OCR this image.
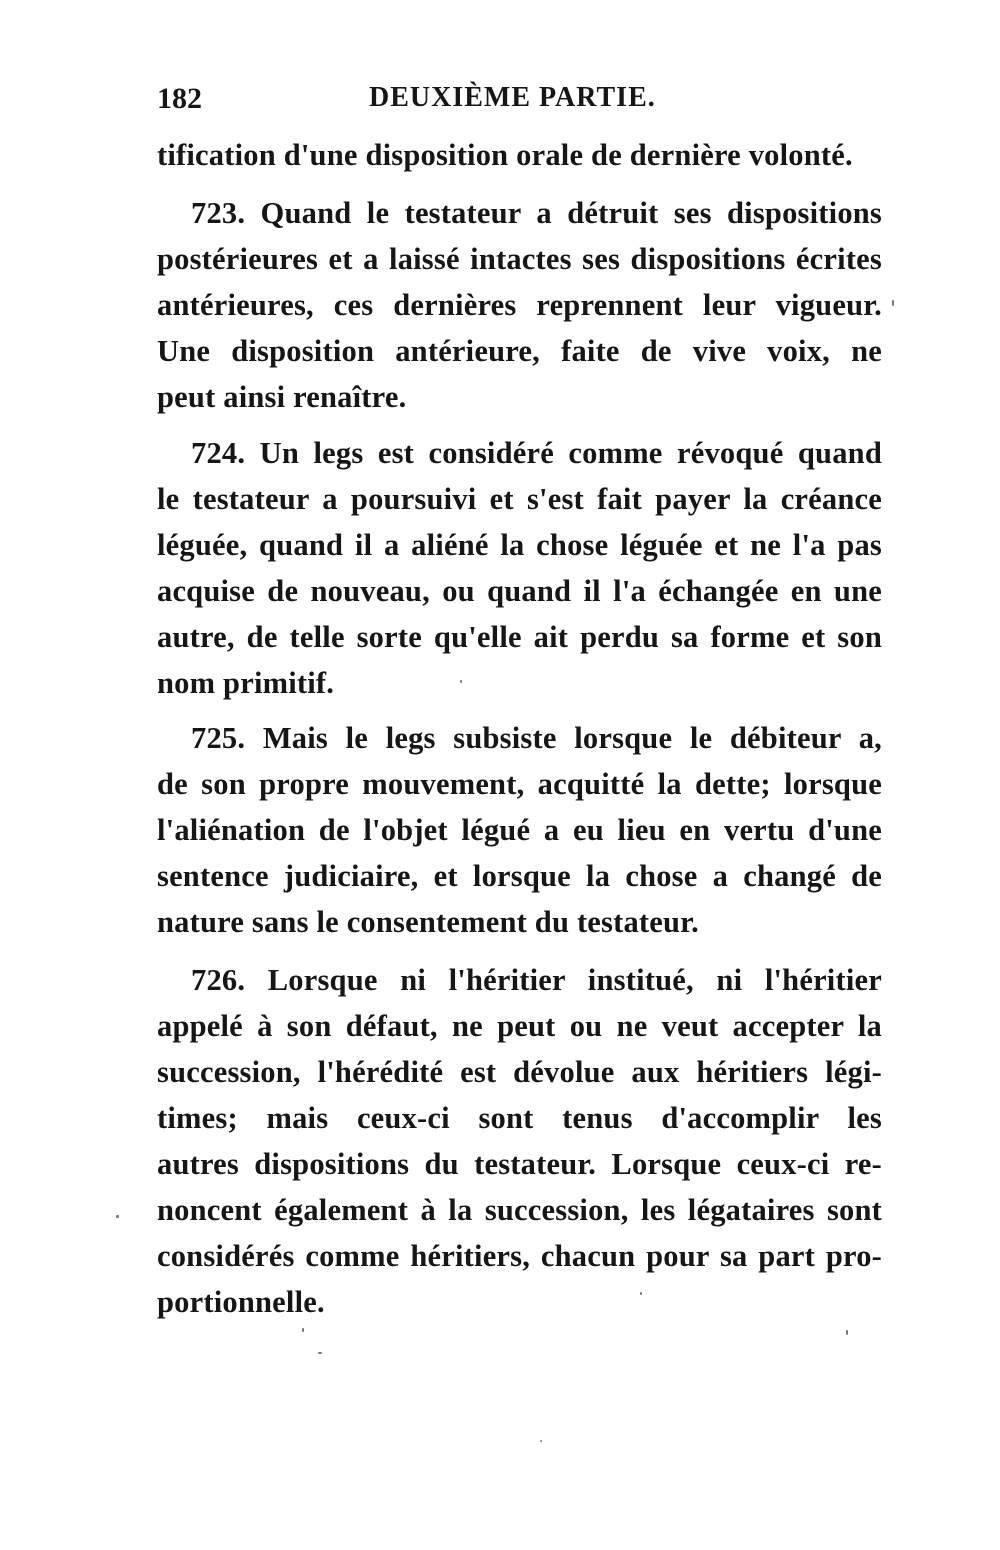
182	DEUXIÈME PARTIE.
tification d'une disposition orale de dernière volonté.
723. Quand le testateur a détruit ses dispositions
postérieures et a laissé intactes ses dispositions écrites
antérieures, ces dernières reprennent leur vigueur.
Une disposition antérieure, faite de vive voix, ne
peut ainsi renaître.
724. Un legs est considéré comme révoqué quand
le testateur a poursuivi et s'est fait payer la créance
léguée, quand il a aliéné la chose léguée et ne l'a pas
acquise de nouveau, ou quand il l'a échangée en une
autre, de telle sorte qu'elle ait perdu sa forme et son
nom primitif.
725. Mais le legs subsiste lorsque le débiteur a,
de son propre mouvement, acquitté la dette; lorsque
l'aliénation de l'objet légué a eu lieu en vertu d'une
sentence judiciaire, et lorsque la chose a changé de
nature sans le consentement du testateur.
726. Lorsque ni l'héritier institué, ni l'héritier
appelé à son défaut, ne peut ou ne veut accepter la
succession, l'hérédité est dévolue aux héritiers légi-
times; mais ceux-ci sont tenus d'accomplir les
autres dispositions du testateur. Lorsque ceux-ci re-
noncent également à la succession, les légataires sont
considérés comme héritiers, chacun pour sa part pro-
portionnelle.
